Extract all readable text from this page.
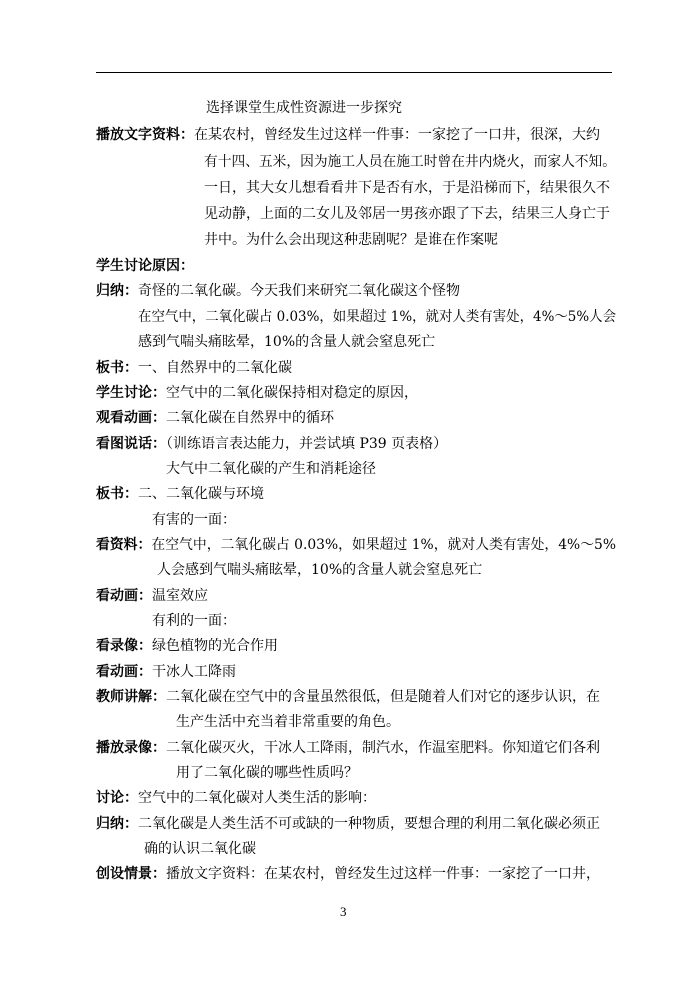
选择课堂生成性资源进一步探究
播放文字资料：在某农村，曾经发生过这样一件事：一家挖了一口井，很深，大约
有十四、五米，因为施工人员在施工时曾在井内烧火，而家人不知。
一日，其大女儿想看看井下是否有水，于是沿梯而下，结果很久不
见动静，上面的二女儿及邻居一男孩亦跟了下去，结果三人身亡于
井中。为什么会出现这种悲剧呢？是谁在作案呢
学生讨论原因：
归纳：奇怪的二氧化碳。今天我们来研究二氧化碳这个怪物
在空气中，二氧化碳占 0.03%，如果超过 1%，就对人类有害处，4%～5%人会
感到气喘头痛眩晕，10%的含量人就会窒息死亡
板书：一、自然界中的二氧化碳
学生讨论：空气中的二氧化碳保持相对稳定的原因，
观看动画：二氧化碳在自然界中的循环
看图说话：（训练语言表达能力，并尝试填 P39 页表格）
大气中二氧化碳的产生和消耗途径
板书：二、二氧化碳与环境
有害的一面：
看资料：在空气中，二氧化碳占 0.03%，如果超过 1%，就对人类有害处，4%～5%
人会感到气喘头痛眩晕，10%的含量人就会窒息死亡
看动画：温室效应
有利的一面：
看录像：绿色植物的光合作用
看动画：干冰人工降雨
教师讲解：二氧化碳在空气中的含量虽然很低，但是随着人们对它的逐步认识，在
生产生活中充当着非常重要的角色。
播放录像：二氧化碳灭火，干冰人工降雨，制汽水，作温室肥料。你知道它们各利
用了二氧化碳的哪些性质吗？
讨论：空气中的二氧化碳对人类生活的影响：
归纳：二氧化碳是人类生活不可或缺的一种物质，要想合理的利用二氧化碳必须正
确的认识二氧化碳
创设情景：播放文字资料：在某农村，曾经发生过这样一件事：一家挖了一口井，
3
